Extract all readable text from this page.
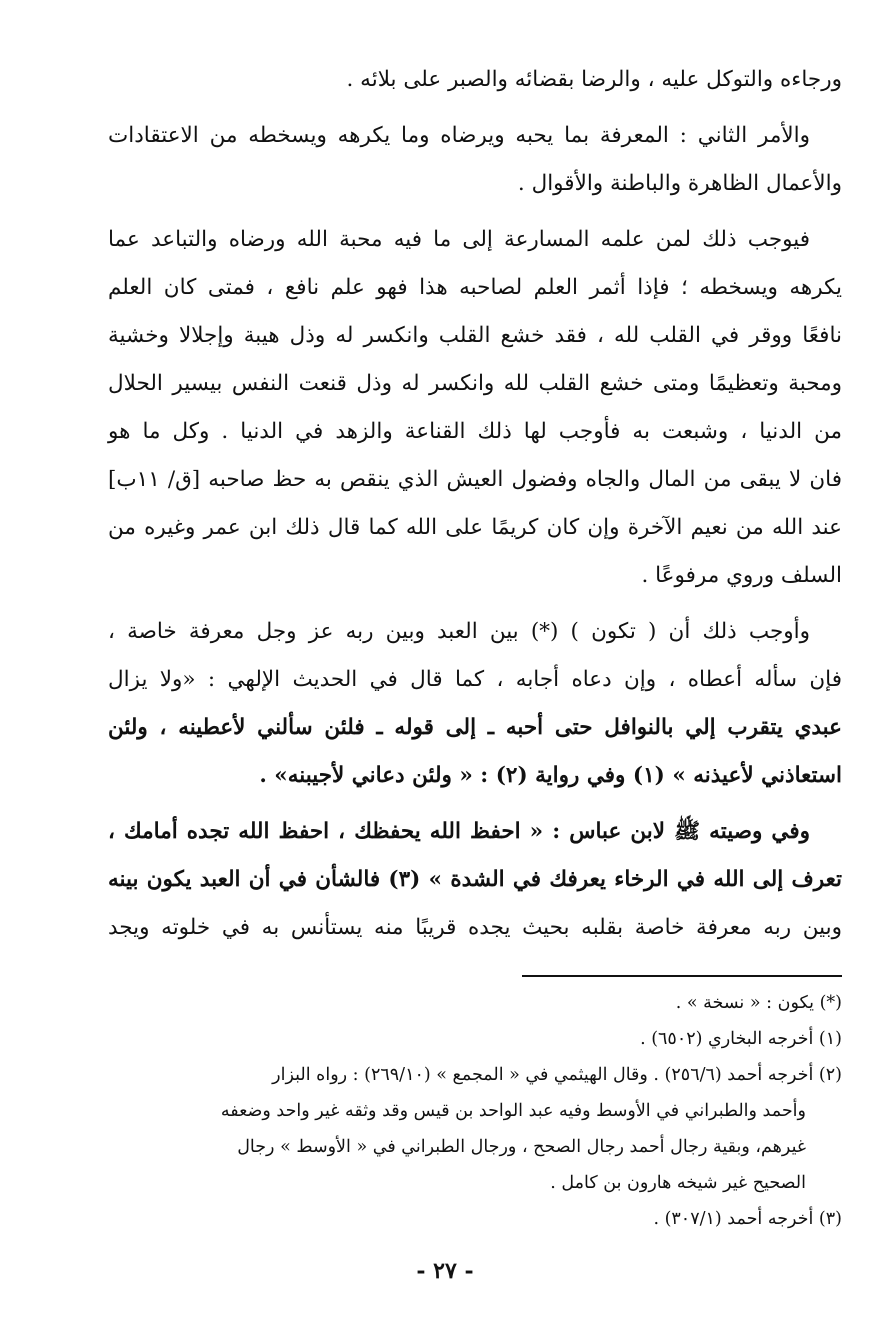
ورجاءه والتوكل عليه ، والرضا بقضائه والصبر على بلائه .

والأمر الثاني : المعرفة بما يحبه ويرضاه وما يكرهه ويسخطه من الاعتقادات
والأعمال الظاهرة والباطنة والأقوال .

فيوجب ذلك لمن علمه المسارعة إلى ما فيه محبة الله ورضاه والتباعد عما
يكرهه ويسخطه ؛ فإذا أثمر العلم لصاحبه هذا فهو علم نافع ، فمتى كان العلم
نافعًا ووقر في القلب لله ، فقد خشع القلب وانكسر له وذل هيبة وإجلالا وخشية
ومحبة وتعظيمًا ومتى خشع القلب لله وانكسر له وذل قنعت النفس بيسير الحلال
من الدنيا ، وشبعت به فأوجب لها ذلك القناعة والزهد في الدنيا . وكل ما هو
فان لا يبقى من المال والجاه وفضول العيش الذي ينقص به حظ صاحبه [ق/ ١١ب]
عند الله من نعيم الآخرة وإن كان كريمًا على الله كما قال ذلك ابن عمر وغيره من
السلف وروي مرفوعًا .

وأوجب ذلك أن ( تكون ) (*) بين العبد وبين ربه عز وجل معرفة خاصة ،
فإن سأله أعطاه ، وإن دعاه أجابه ، كما قال في الحديث الإلهي : «ولا يزال
عبدي يتقرب إلي بالنوافل حتى أحبه ـ إلى قوله ـ فلئن سألني لأعطينه ، ولئن
استعاذني لأعيذنه » (١) وفي رواية (٢) : « ولئن دعاني لأجيبنه» .

وفي وصيته ﷺ لابن عباس : « احفظ الله يحفظك ، احفظ الله تجده أمامك ،
تعرف إلى الله في الرخاء يعرفك في الشدة » (٣) فالشأن في أن العبد يكون بينه
وبين ربه معرفة خاصة بقلبه بحيث يجده قريبًا منه يستأنس به في خلوته ويجد

(*) يكون : « نسخة » .

(١) أخرجه البخاري (٦٥٠٢) .

(٢) أخرجه أحمد (٢٥٦/٦) . وقال الهيثمي في « المجمع » (٢٦٩/١٠) : رواه البزار

وأحمد والطبراني في الأوسط وفيه عبد الواحد بن قيس وقد وثقه غير واحد وضعفه

غيرهم، وبقية رجال أحمد رجال الصحح ، ورجال الطبراني في « الأوسط » رجال

الصحيح غير شيخه هارون بن كامل .

(٣) أخرجه أحمد (٣٠٧/١) .

- ٢٧ -
